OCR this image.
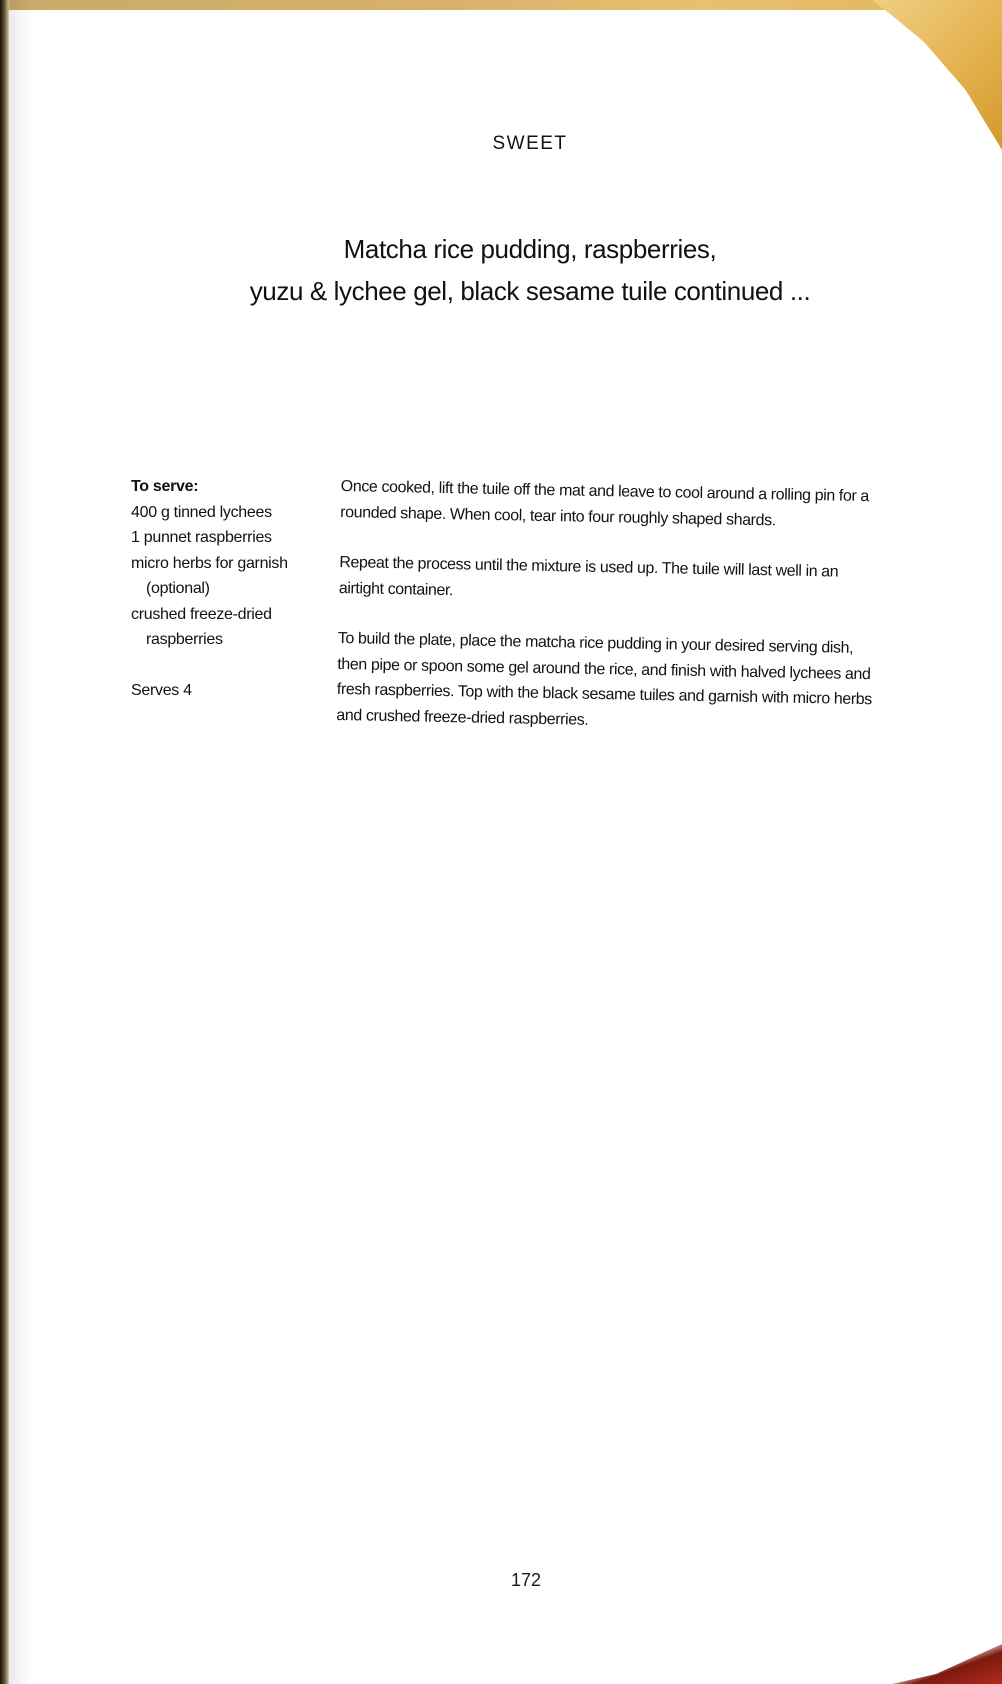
SWEET
Matcha rice pudding, raspberries,
yuzu & lychee gel, black sesame tuile continued ...
To serve:
400 g tinned lychees
1 punnet raspberries
micro herbs for garnish (optional)
crushed freeze-dried raspberries
Serves 4

Once cooked, lift the tuile off the mat and leave to cool around a rolling pin for a rounded shape. When cool, tear into four roughly shaped shards.

Repeat the process until the mixture is used up. The tuile will last well in an airtight container.

To build the plate, place the matcha rice pudding in your desired serving dish, then pipe or spoon some gel around the rice, and finish with halved lychees and fresh raspberries. Top with the black sesame tuiles and garnish with micro herbs and crushed freeze-dried raspberries.

172
